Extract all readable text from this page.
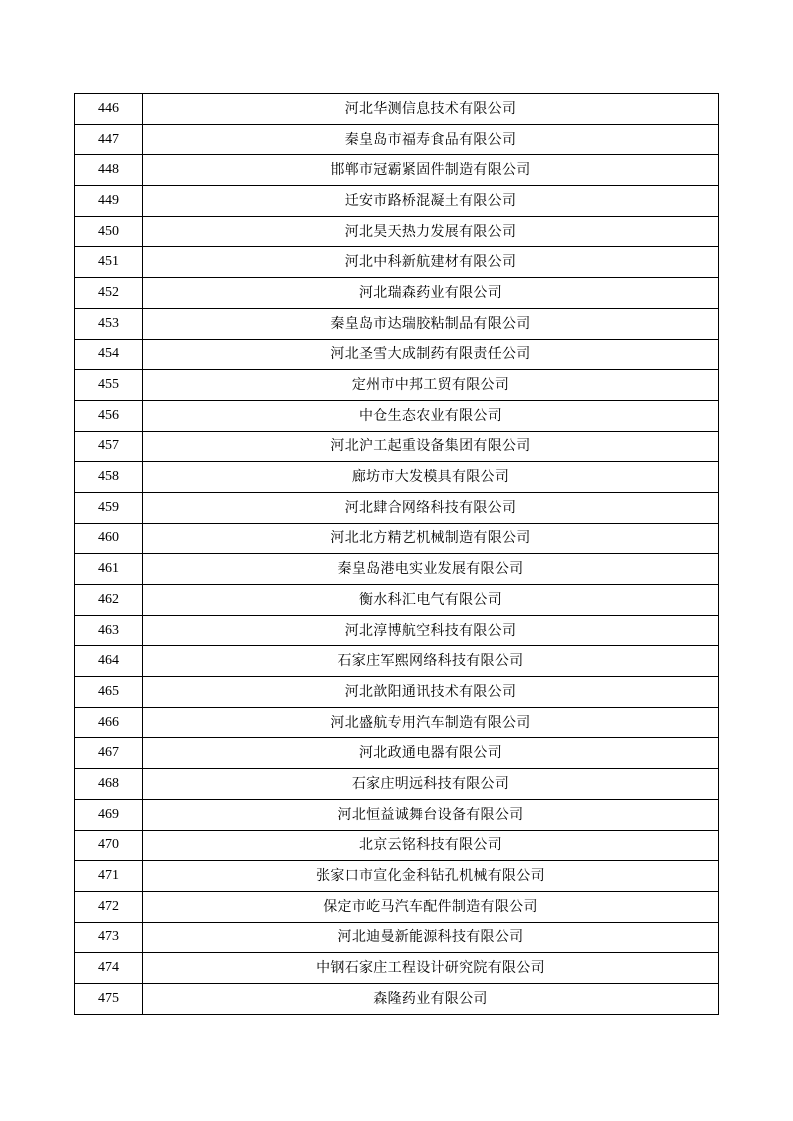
446	河北华测信息技术有限公司
447	秦皇岛市福寿食品有限公司
448	邯郸市冠霸紧固件制造有限公司
449	迁安市路桥混凝土有限公司
450	河北昊天热力发展有限公司
451	河北中科新航建材有限公司
452	河北瑞森药业有限公司
453	秦皇岛市达瑞胶粘制品有限公司
454	河北圣雪大成制药有限责任公司
455	定州市中邦工贸有限公司
456	中仓生态农业有限公司
457	河北沪工起重设备集团有限公司
458	廊坊市大发模具有限公司
459	河北肆合网络科技有限公司
460	河北北方精艺机械制造有限公司
461	秦皇岛港电实业发展有限公司
462	衡水科汇电气有限公司
463	河北淳博航空科技有限公司
464	石家庄军熙网络科技有限公司
465	河北歆阳通讯技术有限公司
466	河北盛航专用汽车制造有限公司
467	河北政通电器有限公司
468	石家庄明远科技有限公司
469	河北恒益诚舞台设备有限公司
470	北京云铭科技有限公司
471	张家口市宣化金科钻孔机械有限公司
472	保定市屹马汽车配件制造有限公司
473	河北迪曼新能源科技有限公司
474	中钢石家庄工程设计研究院有限公司
475	森隆药业有限公司
